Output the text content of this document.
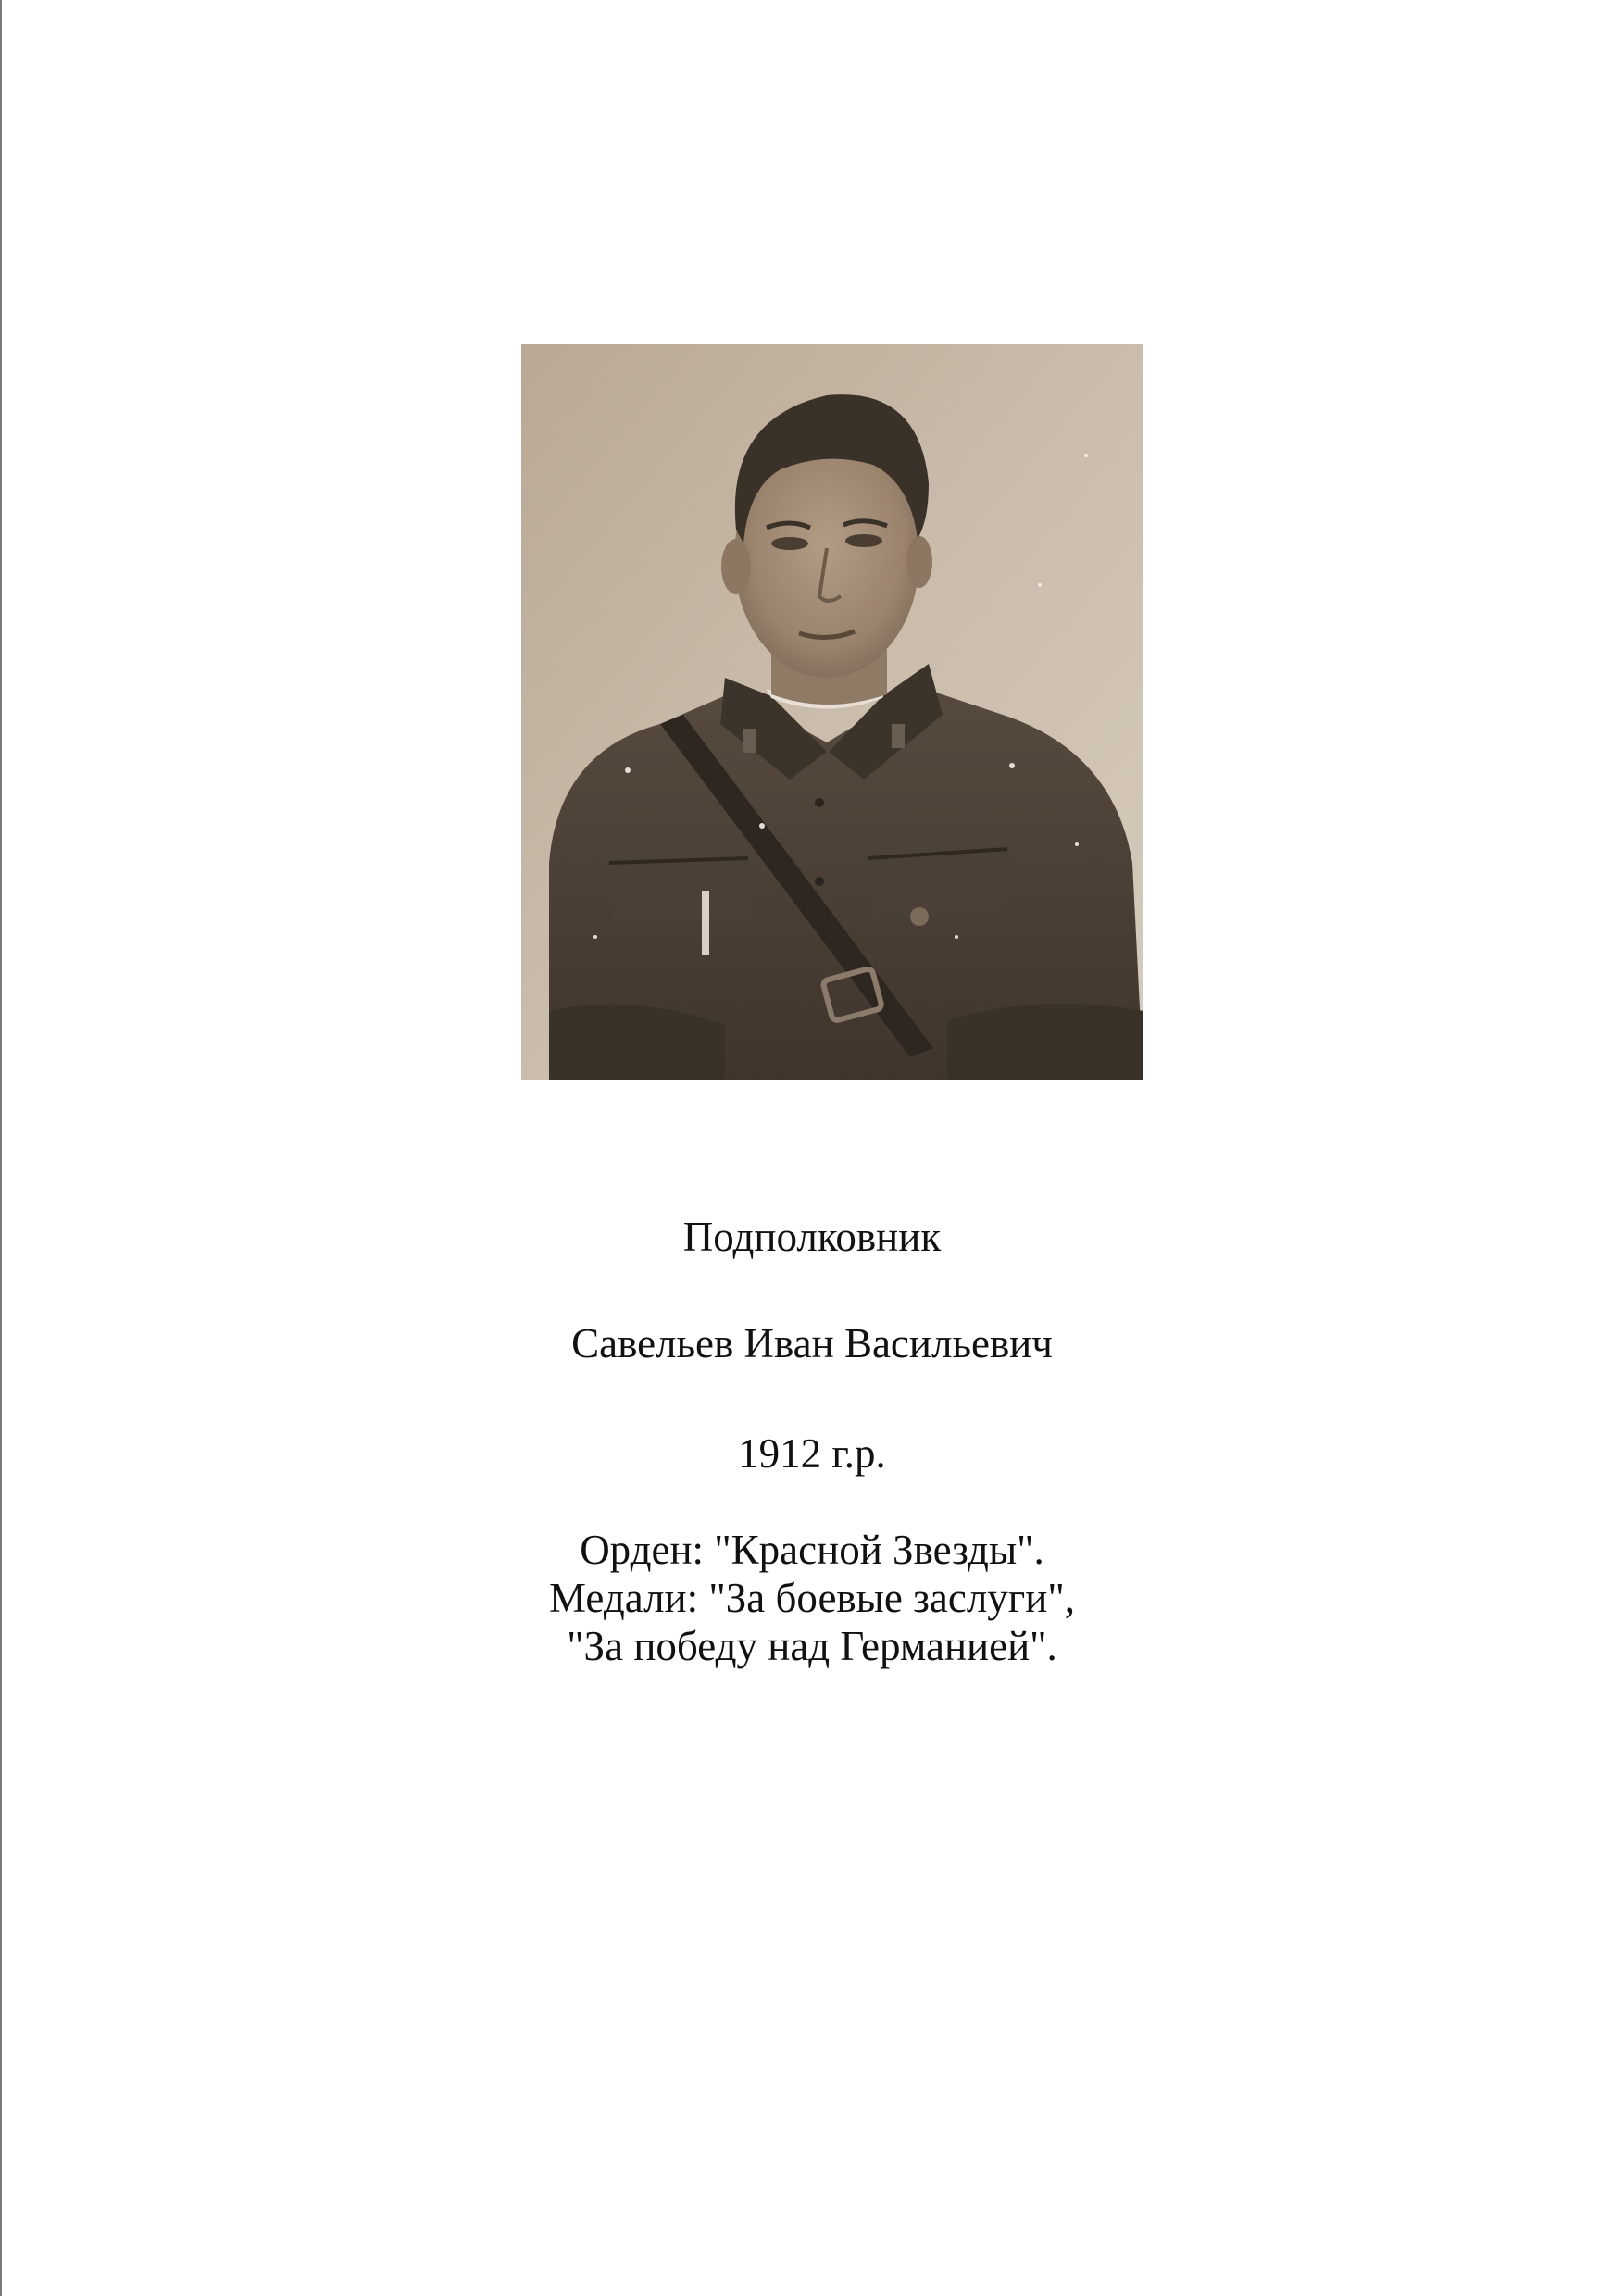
Подполковник
Савельев Иван Васильевич
1912 г.р.
Орден: "Красной Звезды".
Медали: "За боевые заслуги",
"За победу над Германией".
